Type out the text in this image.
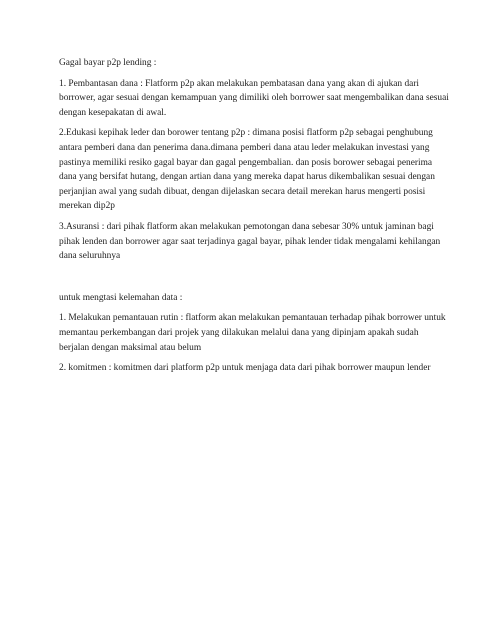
Gagal bayar p2p lending :

1. Pembantasan dana : Flatform p2p akan melakukan pembatasan dana yang akan di ajukan dari borrower, agar sesuai dengan kemampuan yang dimiliki oleh borrower saat mengembalikan dana sesuai dengan kesepakatan di awal.

2.Edukasi kepihak leder dan borower tentang p2p : dimana posisi flatform p2p sebagai penghubung antara pemberi dana dan penerima dana.dimana pemberi dana atau leder melakukan investasi yang pastinya memiliki resiko gagal bayar dan gagal pengembalian. dan posis borower sebagai penerima dana yang bersifat hutang, dengan artian dana yang mereka dapat harus dikembalikan sesuai dengan perjanjian awal yang sudah dibuat, dengan dijelaskan secara detail merekan harus mengerti posisi merekan dip2p

3.Asuransi : dari pihak flatform akan melakukan pemotongan dana sebesar 30% untuk jaminan bagi pihak lenden dan borrower agar saat terjadinya gagal bayar, pihak lender tidak mengalami kehilangan dana seluruhnya

untuk mengtasi kelemahan data :

1. Melakukan pemantauan rutin : flatform akan melakukan pemantauan terhadap pihak borrower untuk memantau perkembangan dari projek yang dilakukan melalui dana yang dipinjam apakah sudah berjalan dengan maksimal atau belum

2. komitmen : komitmen dari platform p2p untuk menjaga data dari pihak borrower maupun lender
